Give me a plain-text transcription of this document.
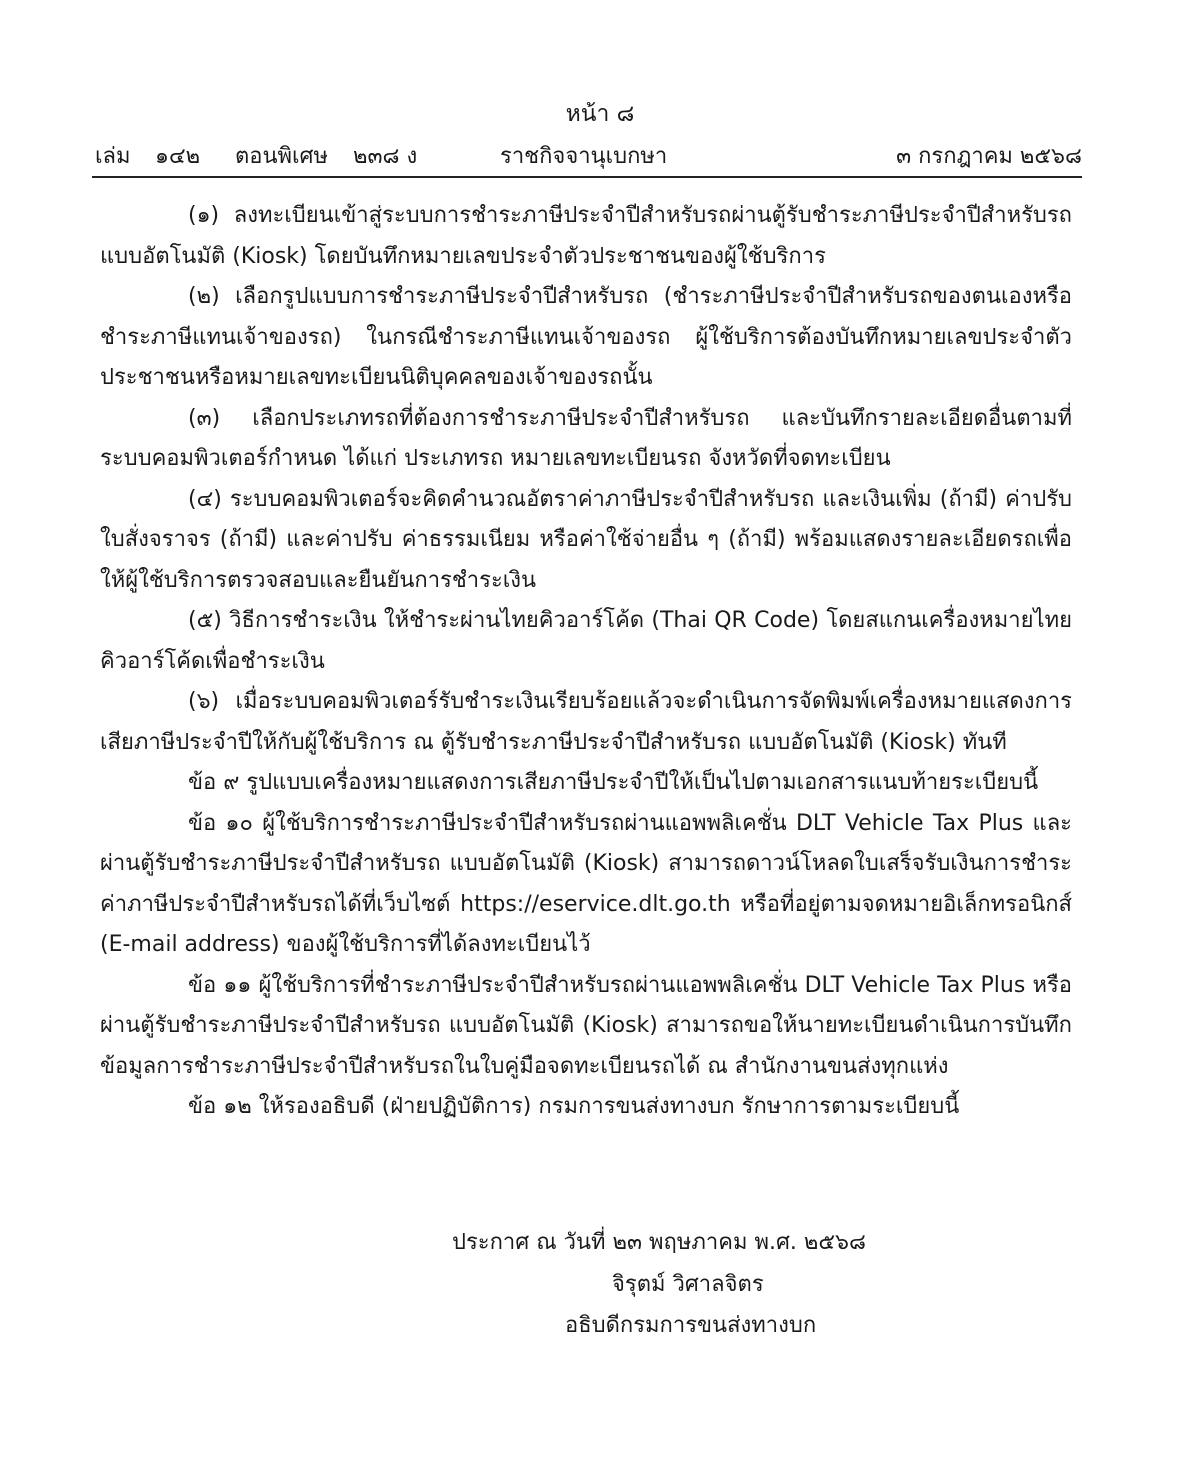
หน้า ๘
เล่ม ๑๔๒ ตอนพิเศษ ๒๓๘ ง	ราชกิจจานุเบกษา	๓ กรกฎาคม ๒๕๖๘

(๑) ลงทะเบียนเข้าสู่ระบบการชำระภาษีประจำปีสำหรับรถผ่านตู้รับชำระภาษีประจำปีสำหรับรถแบบอัตโนมัติ (Kiosk) โดยบันทึกหมายเลขประจำตัวประชาชนของผู้ใช้บริการ

(๒) เลือกรูปแบบการชำระภาษีประจำปีสำหรับรถ (ชำระภาษีประจำปีสำหรับรถของตนเองหรือชำระภาษีแทนเจ้าของรถ) ในกรณีชำระภาษีแทนเจ้าของรถ ผู้ใช้บริการต้องบันทึกหมายเลขประจำตัวประชาชนหรือหมายเลขทะเบียนนิติบุคคลของเจ้าของรถนั้น

(๓) เลือกประเภทรถที่ต้องการชำระภาษีประจำปีสำหรับรถ และบันทึกรายละเอียดอื่นตามที่ระบบคอมพิวเตอร์กำหนด ได้แก่ ประเภทรถ หมายเลขทะเบียนรถ จังหวัดที่จดทะเบียน

(๔) ระบบคอมพิวเตอร์จะคิดคำนวณอัตราค่าภาษีประจำปีสำหรับรถ และเงินเพิ่ม (ถ้ามี) ค่าปรับใบสั่งจราจร (ถ้ามี) และค่าปรับ ค่าธรรมเนียม หรือค่าใช้จ่ายอื่น ๆ (ถ้ามี) พร้อมแสดงรายละเอียดรถเพื่อให้ผู้ใช้บริการตรวจสอบและยืนยันการชำระเงิน

(๕) วิธีการชำระเงิน ให้ชำระผ่านไทยคิวอาร์โค้ด (Thai QR Code) โดยสแกนเครื่องหมายไทยคิวอาร์โค้ดเพื่อชำระเงิน

(๖) เมื่อระบบคอมพิวเตอร์รับชำระเงินเรียบร้อยแล้วจะดำเนินการจัดพิมพ์เครื่องหมายแสดงการเสียภาษีประจำปีให้กับผู้ใช้บริการ ณ ตู้รับชำระภาษีประจำปีสำหรับรถ แบบอัตโนมัติ (Kiosk) ทันที

ข้อ ๙ รูปแบบเครื่องหมายแสดงการเสียภาษีประจำปีให้เป็นไปตามเอกสารแนบท้ายระเบียบนี้

ข้อ ๑๐ ผู้ใช้บริการชำระภาษีประจำปีสำหรับรถผ่านแอพพลิเคชั่น DLT Vehicle Tax Plus และผ่านตู้รับชำระภาษีประจำปีสำหรับรถ แบบอัตโนมัติ (Kiosk) สามารถดาวน์โหลดใบเสร็จรับเงินการชำระค่าภาษีประจำปีสำหรับรถได้ที่เว็บไซต์ https://eservice.dlt.go.th หรือที่อยู่ตามจดหมายอิเล็กทรอนิกส์ (E-mail address) ของผู้ใช้บริการที่ได้ลงทะเบียนไว้

ข้อ ๑๑ ผู้ใช้บริการที่ชำระภาษีประจำปีสำหรับรถผ่านแอพพลิเคชั่น DLT Vehicle Tax Plus หรือผ่านตู้รับชำระภาษีประจำปีสำหรับรถ แบบอัตโนมัติ (Kiosk) สามารถขอให้นายทะเบียนดำเนินการบันทึกข้อมูลการชำระภาษีประจำปีสำหรับรถในใบคู่มือจดทะเบียนรถได้ ณ สำนักงานขนส่งทุกแห่ง

ข้อ ๑๒ ให้รองอธิบดี (ฝ่ายปฏิบัติการ) กรมการขนส่งทางบก รักษาการตามระเบียบนี้

ประกาศ ณ วันที่ ๒๓ พฤษภาคม พ.ศ. ๒๕๖๘
จิรุตม์ วิศาลจิตร
อธิบดีกรมการขนส่งทางบก
